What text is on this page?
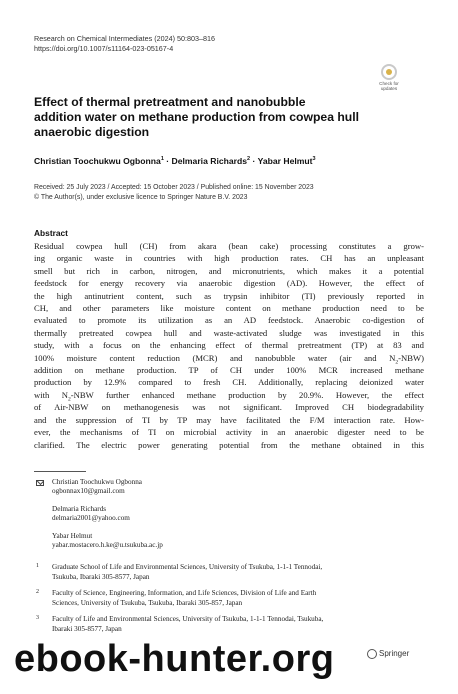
Research on Chemical Intermediates (2024) 50:803–816
https://doi.org/10.1007/s11164-023-05167-4
Check for
updates
Effect of thermal pretreatment and nanobubble
addition water on methane production from cowpea hull
anaerobic digestion
Christian Toochukwu Ogbonna$^1$ · Delmaria Richards$^2$ · Yabar Helmut$^3$
Received: 25 July 2023 / Accepted: 15 October 2023 / Published online: 15 November 2023
© The Author(s), under exclusive licence to Springer Nature B.V. 2023
Abstract
Residual cowpea hull (CH) from akara (bean cake) processing constitutes a grow-
ing organic waste in countries with high production rates. CH has an unpleasant
smell but rich in carbon, nitrogen, and micronutrients, which makes it a potential
feedstock for energy recovery via anaerobic digestion (AD). However, the effect of
the high antinutrient content, such as trypsin inhibitor (TI) previously reported in
CH, and other parameters like moisture content on methane production need to be
evaluated to promote its utilization as an AD feedstock. Anaerobic co-digestion of
thermally pretreated cowpea hull and waste-activated sludge was investigated in this
study, with a focus on the enhancing effect of thermal pretreatment (TP) at 83 and
100% moisture content reduction (MCR) and nanobubble water (air and $N_2-NBW$)
addition on methane production. TP of CH under 100% MCR increased methane
production by 12.9% compared to fresh CH. Additionally, replacing deionized water
with $N_2$-NBW further enhanced methane production by 20.9%. However, the effect
of Air-NBW on methanogenesis was not significant. Improved CH biodegradability
and the suppression of TI by TP may have facilitated the F/M interaction rate. How-
ever, the mechanisms of TI on microbial activity in an anaerobic digester need to be
clarified. The electric power generating potential from the methane obtained in this
Christian Toochukwu Ogbonna
ogbonnax10@gmail.com
Delmaria Richards
delmaria2001@yahoo.com
Yabar Helmut
yabar.mostacero.h.ke@u.tsukuba.ac.jp
1 Graduate School of Life and Environmental Sciences, University of Tsukuba, 1-1-1 Tennodai,
Tsukuba, Ibaraki 305-8577, Japan
2 Faculty of Science, Engineering, Information, and Life Sciences, Division of Life and Earth
Sciences, University of Tsukuba, Tsukuba, Ibaraki 305-857, Japan
3 Faculty of Life and Environmental Sciences, University of Tsukuba, 1-1-1 Tennodai, Tsukuba,
Ibaraki 305-8577, Japan
Springer
ebook-hunter.org
